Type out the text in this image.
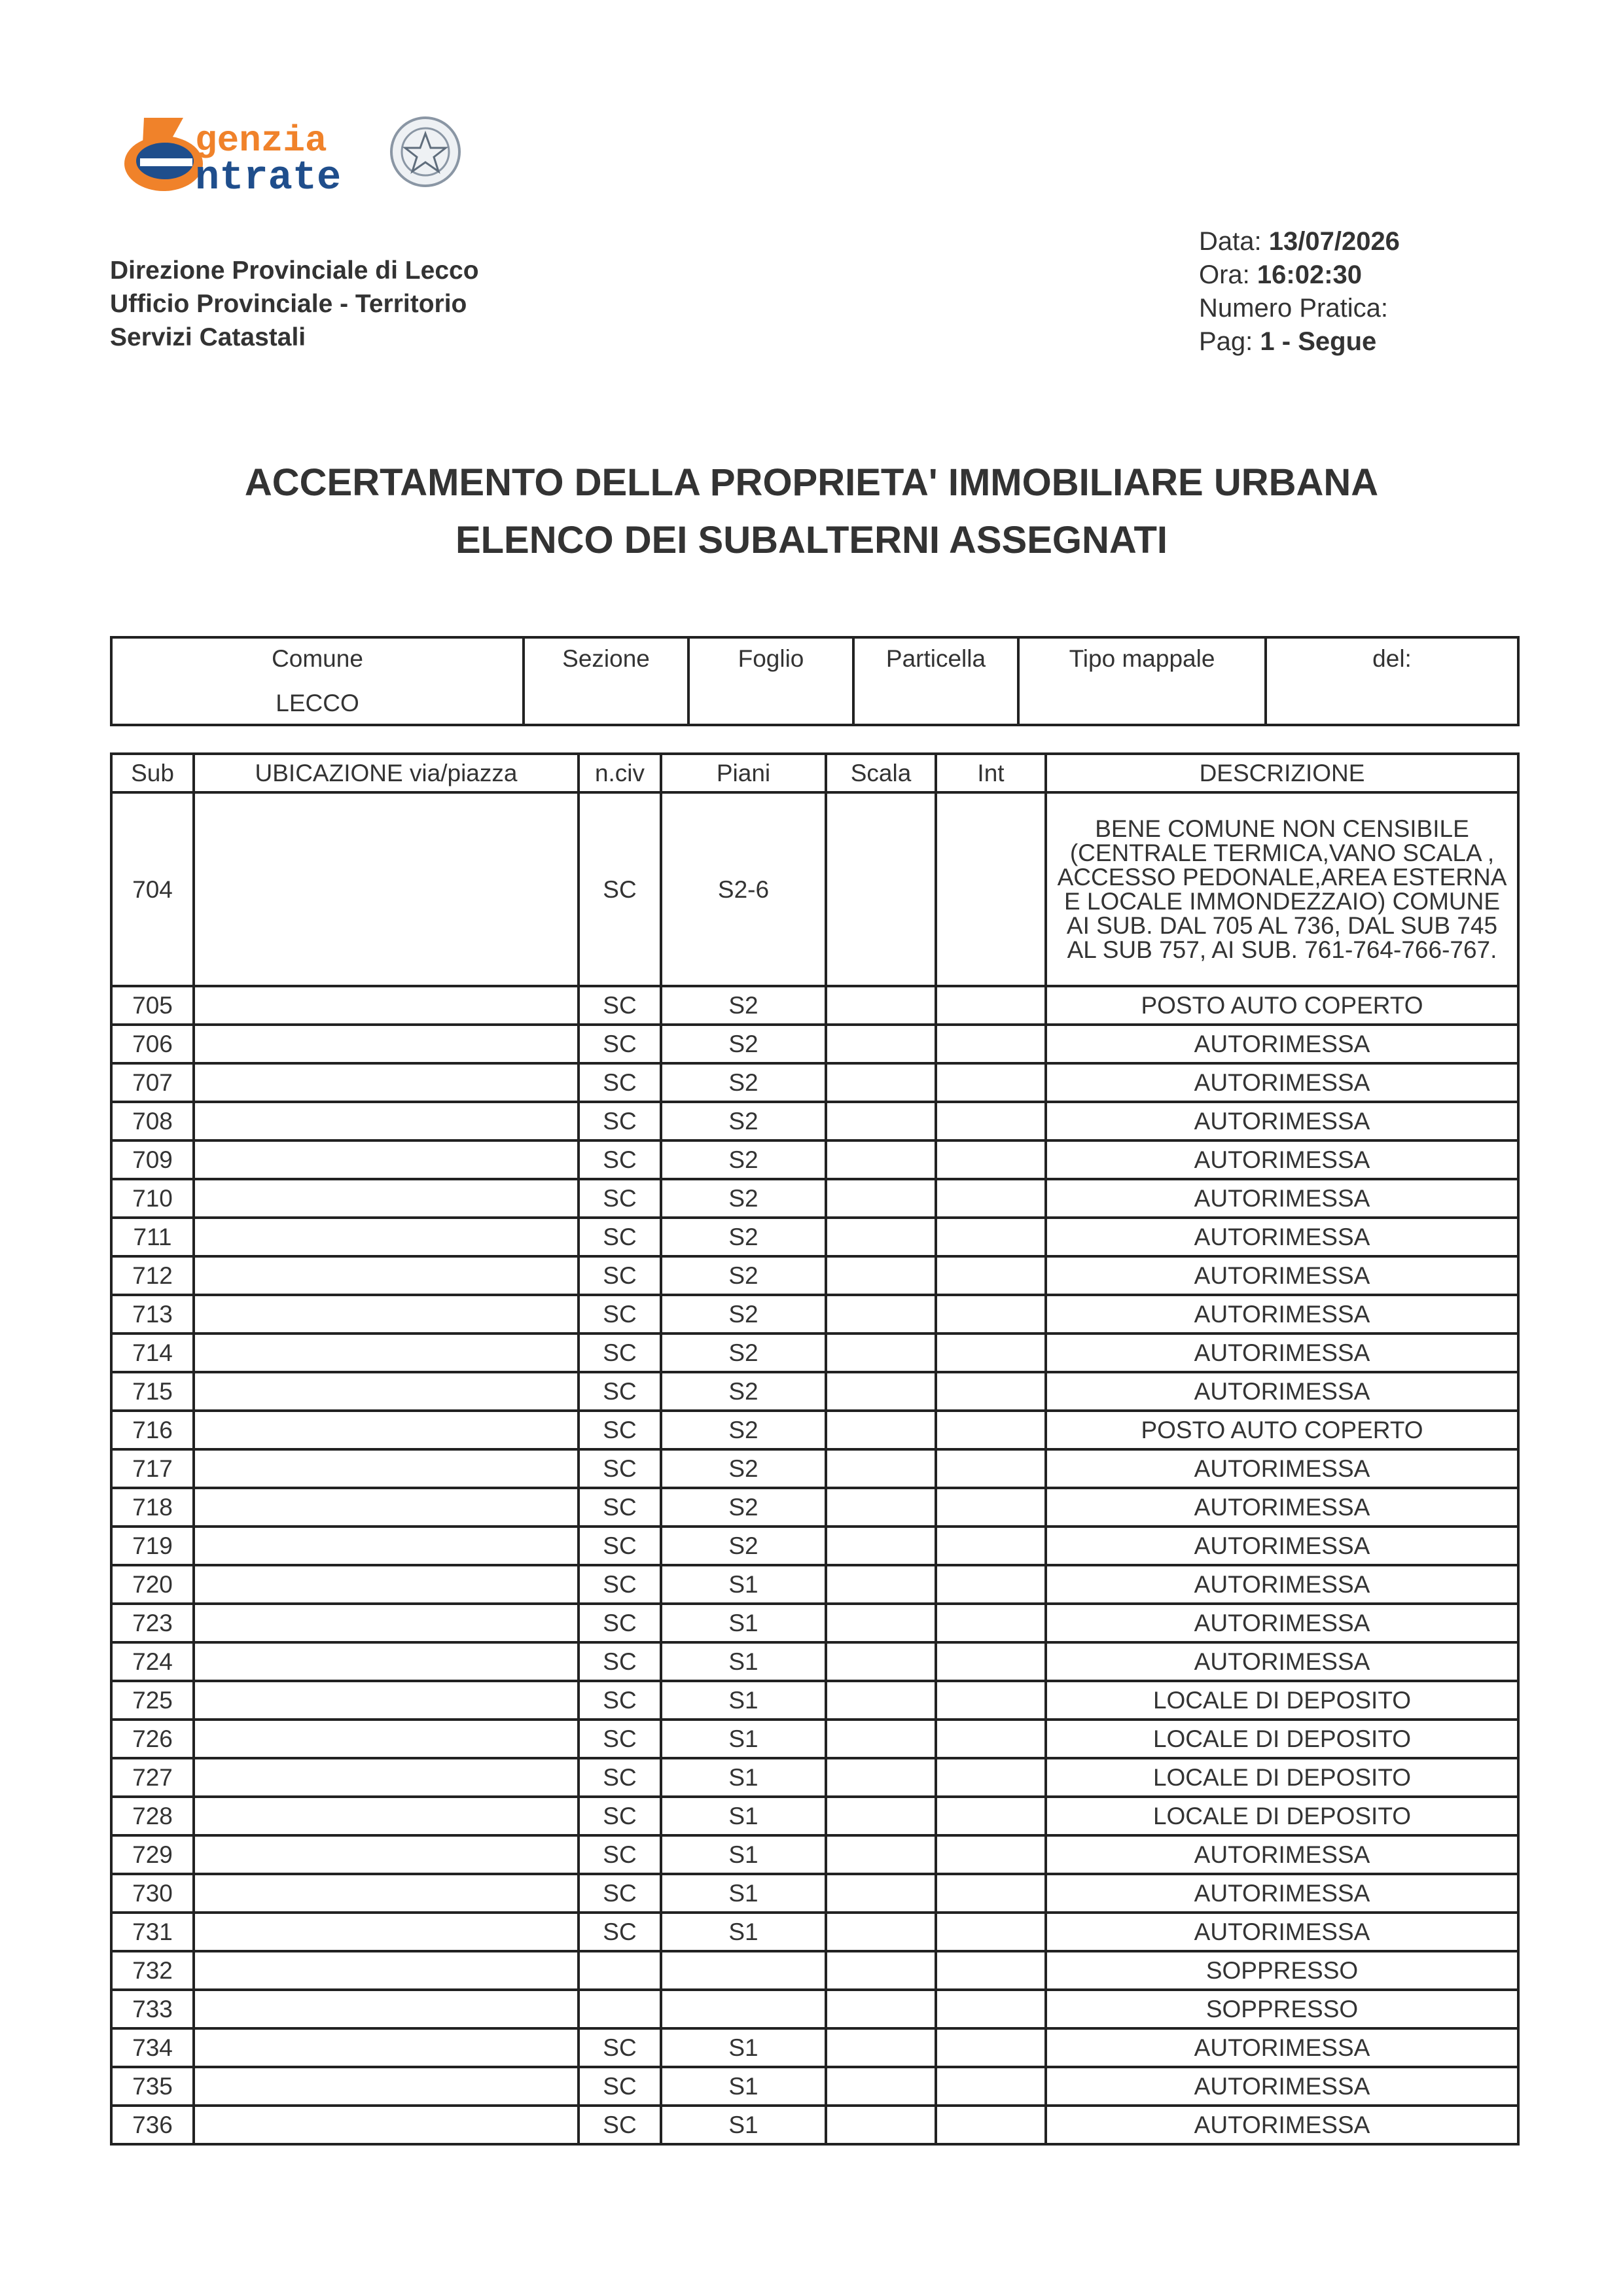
genzia
ntrate
Direzione Provinciale di Lecco
Ufficio Provinciale - Territorio
Servizi Catastali
Data: 13/07/2026
Ora: 16:02:30
Numero Pratica:
Pag: 1 - Segue
ACCERTAMENTO DELLA PROPRIETA' IMMOBILIARE URBANA
ELENCO DEI SUBALTERNI ASSEGNATI
Comune
LECCO

Sezione	Foglio	Particella	Tipo mappale	del:
Sub	UBICAZIONE via/piazza	n.civ	Piani	Scala	Int	DESCRIZIONE
704		SC	S2-6			BENE COMUNE NON CENSIBILE (CENTRALE TERMICA,VANO SCALA , ACCESSO PEDONALE,AREA ESTERNA E LOCALE IMMONDEZZAIO) COMUNE AI SUB. DAL 705 AL 736, DAL SUB 745 AL SUB 757, AI SUB. 761-764-766-767.
705		SC	S2			POSTO AUTO COPERTO
706		SC	S2			AUTORIMESSA
707		SC	S2			AUTORIMESSA
708		SC	S2			AUTORIMESSA
709		SC	S2			AUTORIMESSA
710		SC	S2			AUTORIMESSA
711		SC	S2			AUTORIMESSA
712		SC	S2			AUTORIMESSA
713		SC	S2			AUTORIMESSA
714		SC	S2			AUTORIMESSA
715		SC	S2			AUTORIMESSA
716		SC	S2			POSTO AUTO COPERTO
717		SC	S2			AUTORIMESSA
718		SC	S2			AUTORIMESSA
719		SC	S2			AUTORIMESSA
720		SC	S1			AUTORIMESSA
723		SC	S1			AUTORIMESSA
724		SC	S1			AUTORIMESSA
725		SC	S1			LOCALE DI DEPOSITO
726		SC	S1			LOCALE DI DEPOSITO
727		SC	S1			LOCALE DI DEPOSITO
728		SC	S1			LOCALE DI DEPOSITO
729		SC	S1			AUTORIMESSA
730		SC	S1			AUTORIMESSA
731		SC	S1			AUTORIMESSA
732						SOPPRESSO
733						SOPPRESSO
734		SC	S1			AUTORIMESSA
735		SC	S1			AUTORIMESSA
736		SC	S1			AUTORIMESSA
